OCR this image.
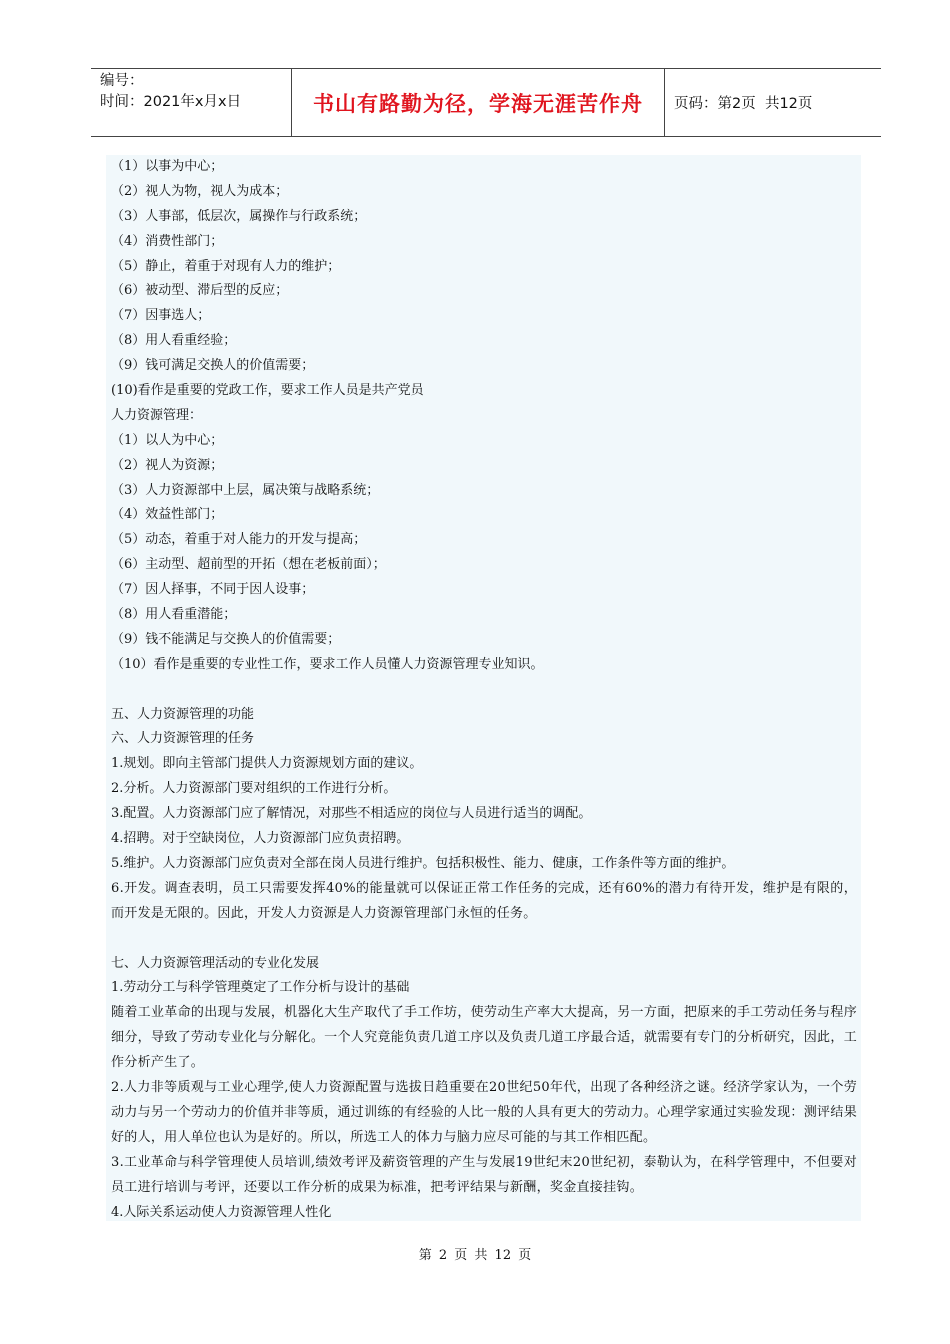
编号：
时间：2021年x月x日	书山有路勤为径，学海无涯苦作舟	页码：第2页  共12页
（1）以事为中心；
（2）视人为物，视人为成本；
（3）人事部，低层次，属操作与行政系统；
（4）消费性部门；
（5）静止，着重于对现有人力的维护；
（6）被动型、滞后型的反应；
（7）因事选人；
（8）用人看重经验；
（9）钱可满足交换人的价值需要；
(10)看作是重要的党政工作，要求工作人员是共产党员
人力资源管理：
（1）以人为中心；
（2）视人为资源；
（3）人力资源部中上层，属决策与战略系统；
（4）效益性部门；
（5）动态，着重于对人能力的开发与提高；
（6）主动型、超前型的开拓（想在老板前面）；
（7）因人择事，不同于因人设事；
（8）用人看重潜能；
（9）钱不能满足与交换人的价值需要；
（10）看作是重要的专业性工作，要求工作人员懂人力资源管理专业知识。
五、人力资源管理的功能
六、人力资源管理的任务
1.规划。即向主管部门提供人力资源规划方面的建议。
2.分析。人力资源部门要对组织的工作进行分析。
3.配置。人力资源部门应了解情况，对那些不相适应的岗位与人员进行适当的调配。
4.招聘。对于空缺岗位，人力资源部门应负责招聘。
5.维护。人力资源部门应负责对全部在岗人员进行维护。包括积极性、能力、健康，工作条件等方面的维护。
6.开发。调查表明，员工只需要发挥40%的能量就可以保证正常工作任务的完成，还有60%的潜力有待开发，维护是有限的，而开发是无限的。因此，开发人力资源是人力资源管理部门永恒的任务。
七、人力资源管理活动的专业化发展
1.劳动分工与科学管理奠定了工作分析与设计的基础
随着工业革命的出现与发展，机器化大生产取代了手工作坊，使劳动生产率大大提高，另一方面，把原来的手工劳动任务与程序细分，导致了劳动专业化与分解化。一个人究竟能负责几道工序以及负责几道工序最合适，就需要有专门的分析研究，因此，工作分析产生了。
2.人力非等质观与工业心理学,使人力资源配置与选拔日趋重要在20世纪50年代，出现了各种经济之谜。经济学家认为，一个劳动力与另一个劳动力的价值并非等质，通过训练的有经验的人比一般的人具有更大的劳动力。心理学家通过实验发现：测评结果好的人，用人单位也认为是好的。所以，所选工人的体力与脑力应尽可能的与其工作相匹配。
3.工业革命与科学管理使人员培训,绩效考评及薪资管理的产生与发展19世纪末20世纪初，泰勒认为，在科学管理中，不但要对员工进行培训与考评，还要以工作分析的成果为标准，把考评结果与新酬，奖金直接挂钩。
4.人际关系运动使人力资源管理人性化
第 2 页 共 12 页
